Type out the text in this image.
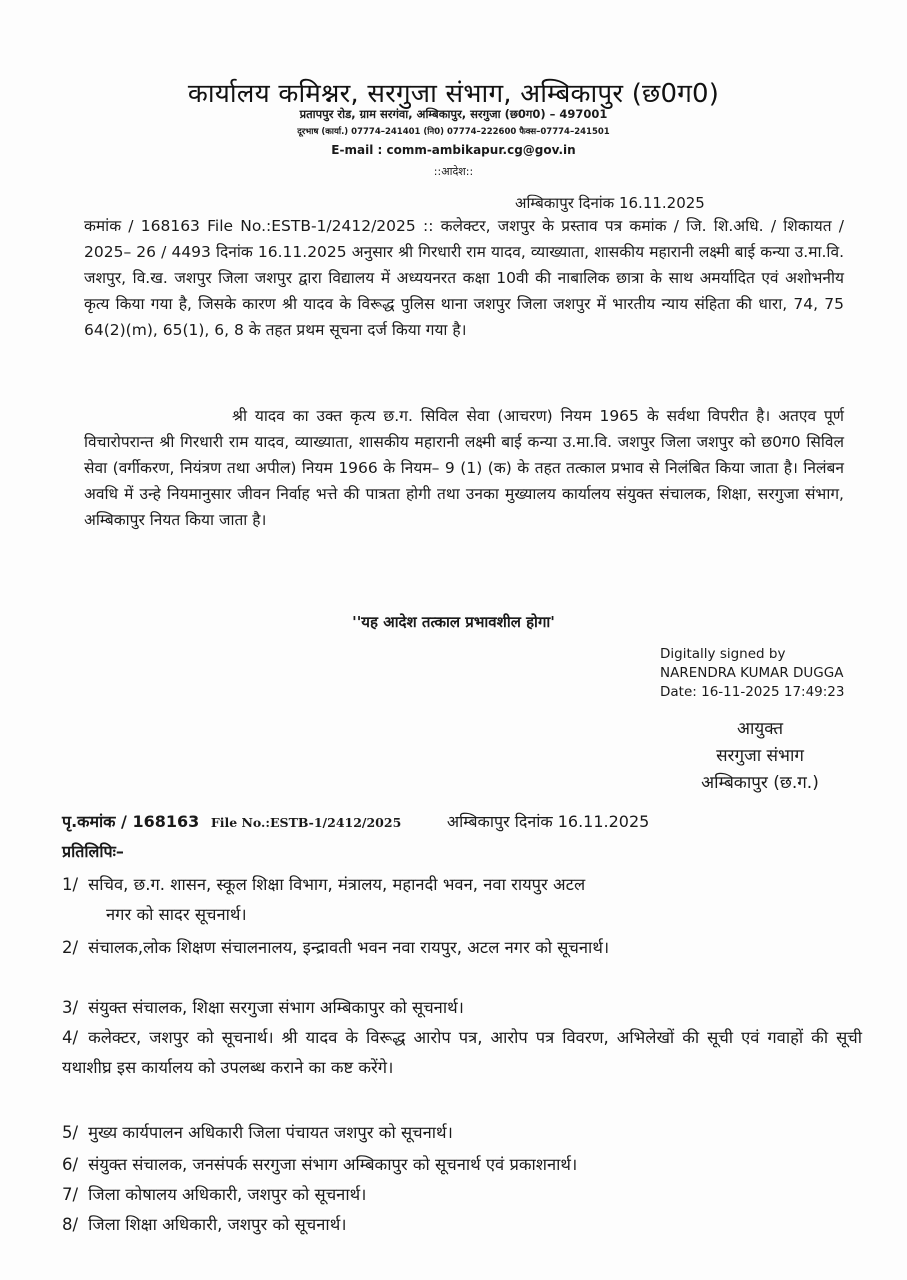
कार्यालय कमिश्नर, सरगुजा संभाग, अम्बिकापुर (छ0ग0)
प्रतापपुर रोड, ग्राम सरगंवा, अम्बिकापुर, सरगुजा (छ0ग0) – 497001
दूरभाष (कार्या.) 07774–241401 (नि0) 07774–222600 फैक्स–07774–241501
E-mail : comm-ambikapur.cg@gov.in
::आदेश::
अम्बिकापुर दिनांक 16.11.2025
कमांक / 168163 File No.:ESTB-1/2412/2025 :: कलेक्टर, जशपुर के प्रस्ताव पत्र कमांक / जि. शि.अधि. / शिकायत / 2025– 26 / 4493 दिनांक 16.11.2025 अनुसार श्री गिरधारी राम यादव, व्याख्याता, शासकीय महारानी लक्ष्मी बाई कन्या उ.मा.वि. जशपुर, वि.ख. जशपुर जिला जशपुर द्वारा विद्यालय में अध्ययनरत कक्षा 10वी की नाबालिक छात्रा के साथ अमर्यादित एवं अशोभनीय कृत्य किया गया है, जिसके कारण श्री यादव के विरूद्ध पुलिस थाना जशपुर जिला जशपुर में भारतीय न्याय संहिता की धारा, 74, 75 64(2)(m), 65(1), 6, 8 के तहत प्रथम सूचना दर्ज किया गया है।
श्री यादव का उक्त कृत्य छ.ग. सिविल सेवा (आचरण) नियम 1965 के सर्वथा विपरीत है। अतएव पूर्ण विचारोपरान्त श्री गिरधारी राम यादव, व्याख्याता, शासकीय महारानी लक्ष्मी बाई कन्या उ.मा.वि. जशपुर जिला जशपुर को छ0ग0 सिविल सेवा (वर्गीकरण, नियंत्रण तथा अपील) नियम 1966 के नियम– 9 (1) (क) के तहत तत्काल प्रभाव से निलंबित किया जाता है। निलंबन अवधि में उन्हे नियमानुसार जीवन निर्वाह भत्ते की पात्रता होगी तथा उनका मुख्यालय कार्यालय संयुक्त संचालक, शिक्षा, सरगुजा संभाग, अम्बिकापुर नियत किया जाता है।
''यह आदेश तत्काल प्रभावशील होगा'
Digitally signed by
NARENDRA KUMAR DUGGA
Date: 16-11-2025 17:49:23
आयुक्त
सरगुजा संभाग
अम्बिकापुर (छ.ग.)
पृ.कमांक / 168163 File No.:ESTB-1/2412/2025	अम्बिकापुर दिनांक 16.11.2025
प्रतिलिपिः–
1/ सचिव, छ.ग. शासन, स्कूल शिक्षा विभाग, मंत्रालय, महानदी भवन, नवा रायपुर अटल
नगर को सादर सूचनार्थ।
2/ संचालक,लोक शिक्षण संचालनालय, इन्द्रावती भवन नवा रायपुर, अटल नगर को सूचनार्थ।
3/ संयुक्त संचालक, शिक्षा सरगुजा संभाग अम्बिकापुर को सूचनार्थ।
4/ कलेक्टर, जशपुर को सूचनार्थ। श्री यादव के विरूद्ध आरोप पत्र, आरोप पत्र विवरण, अभिलेखों की सूची एवं गवाहों की सूची यथाशीघ्र इस कार्यालय को उपलब्ध कराने का कष्ट करेंगे।
5/ मुख्य कार्यपालन अधिकारी जिला पंचायत जशपुर को सूचनार्थ।
6/ संयुक्त संचालक, जनसंपर्क सरगुजा संभाग अम्बिकापुर को सूचनार्थ एवं प्रकाशनार्थ।
7/ जिला कोषालय अधिकारी, जशपुर को सूचनार्थ।
8/ जिला शिक्षा अधिकारी, जशपुर को सूचनार्थ।
